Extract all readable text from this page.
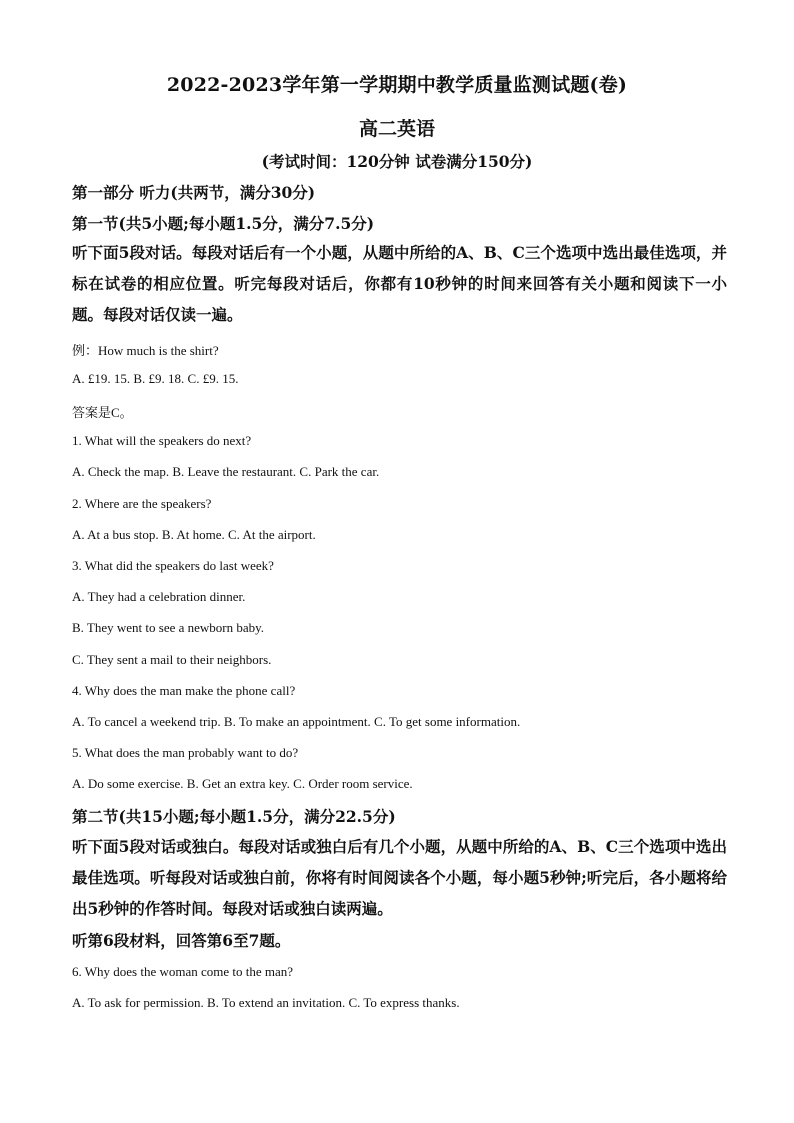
2022-2023学年第一学期期中教学质量监测试题(卷)
高二英语
(考试时间：120分钟 试卷满分150分)
第一部分 听力(共两节，满分30分)
第一节(共5小题;每小题1.5分，满分7.5分)
听下面5段对话。每段对话后有一个小题，从题中所给的A、B、C三个选项中选出最佳选项，并标在试卷的相应位置。听完每段对话后，你都有10秒钟的时间来回答有关小题和阅读下一小题。每段对话仅读一遍。
例：How much is the shirt?
A. £19. 15. B. £9. 18. C. £9. 15.
答案是C。
1. What will the speakers do next?
A. Check the map. B. Leave the restaurant. C. Park the car.
2. Where are the speakers?
A. At a bus stop. B. At home. C. At the airport.
3. What did the speakers do last week?
A. They had a celebration dinner.
B. They went to see a newborn baby.
C. They sent a mail to their neighbors.
4. Why does the man make the phone call?
A. To cancel a weekend trip. B. To make an appointment. C. To get some information.
5. What does the man probably want to do?
A. Do some exercise. B. Get an extra key. C. Order room service.
第二节(共15小题;每小题1.5分，满分22.5分)
听下面5段对话或独白。每段对话或独白后有几个小题，从题中所给的A、B、C三个选项中选出最佳选项。听每段对话或独白前，你将有时间阅读各个小题，每小题5秒钟;听完后，各小题将给出5秒钟的作答时间。每段对话或独白读两遍。
听第6段材料，回答第6至7题。
6. Why does the woman come to the man?
A. To ask for permission. B. To extend an invitation. C. To express thanks.
